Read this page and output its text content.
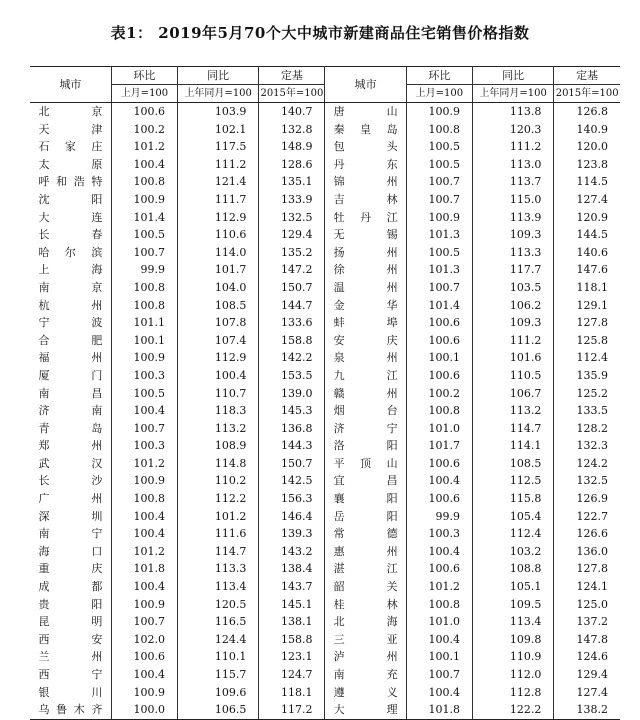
表1： 2019年5月70个大中城市新建商品住宅销售价格指数
城市	环比	同比	定基	城市	环比	同比	定基
	上月=100	上年同月=100	2015年=100		上月=100	上年同月=100	2015年=100
北京	100.6	103.9	140.7	唐山	100.9	113.8	126.8
天津	100.2	102.1	132.8	秦皇岛	100.8	120.3	140.9
石家庄	101.2	117.5	148.9	包头	100.5	111.2	120.0
太原	100.4	111.2	128.6	丹东	100.5	113.0	123.8
呼和浩特	100.8	121.4	135.1	锦州	100.7	113.7	114.5
沈阳	100.9	111.7	133.9	吉林	100.7	115.0	127.4
大连	101.4	112.9	132.5	牡丹江	100.9	113.9	120.9
长春	100.5	110.6	129.4	无锡	101.3	109.3	144.5
哈尔滨	100.7	114.0	135.2	扬州	100.5	113.3	140.6
上海	99.9	101.7	147.2	徐州	101.3	117.7	147.6
南京	100.8	104.0	150.7	温州	100.7	103.5	118.1
杭州	100.8	108.5	144.7	金华	101.4	106.2	129.1
宁波	101.1	107.8	133.6	蚌埠	100.6	109.3	127.8
合肥	100.1	107.4	158.8	安庆	100.6	111.2	125.8
福州	100.9	112.9	142.2	泉州	100.1	101.6	112.4
厦门	100.3	100.4	153.5	九江	100.6	110.5	135.9
南昌	100.5	110.7	139.0	赣州	100.2	106.7	125.2
济南	100.4	118.3	145.3	烟台	100.8	113.2	133.5
青岛	100.7	113.2	136.8	济宁	101.0	114.7	128.2
郑州	100.3	108.9	144.3	洛阳	101.7	114.1	132.3
武汉	101.2	114.8	150.7	平顶山	100.6	108.5	124.2
长沙	100.9	110.2	142.5	宜昌	100.4	112.5	132.5
广州	100.8	112.2	156.3	襄阳	100.6	115.8	126.9
深圳	100.4	101.2	146.4	岳阳	99.9	105.4	122.7
南宁	100.4	111.6	139.3	常德	100.3	112.4	126.6
海口	101.2	114.7	143.2	惠州	100.4	103.2	136.0
重庆	101.8	113.3	138.4	湛江	100.6	108.8	127.8
成都	100.4	113.4	143.7	韶关	101.2	105.1	124.1
贵阳	100.9	120.5	145.1	桂林	100.8	109.5	125.0
昆明	100.7	116.5	138.1	北海	101.0	113.4	137.2
西安	102.0	124.4	158.8	三亚	100.4	109.8	147.8
兰州	100.6	110.1	123.1	泸州	100.1	110.9	124.6
西宁	100.4	115.7	124.7	南充	100.7	112.0	129.4
银川	100.9	109.6	118.1	遵义	100.4	112.8	127.4
乌鲁木齐	100.0	106.5	117.2	大理	101.8	122.2	138.2
